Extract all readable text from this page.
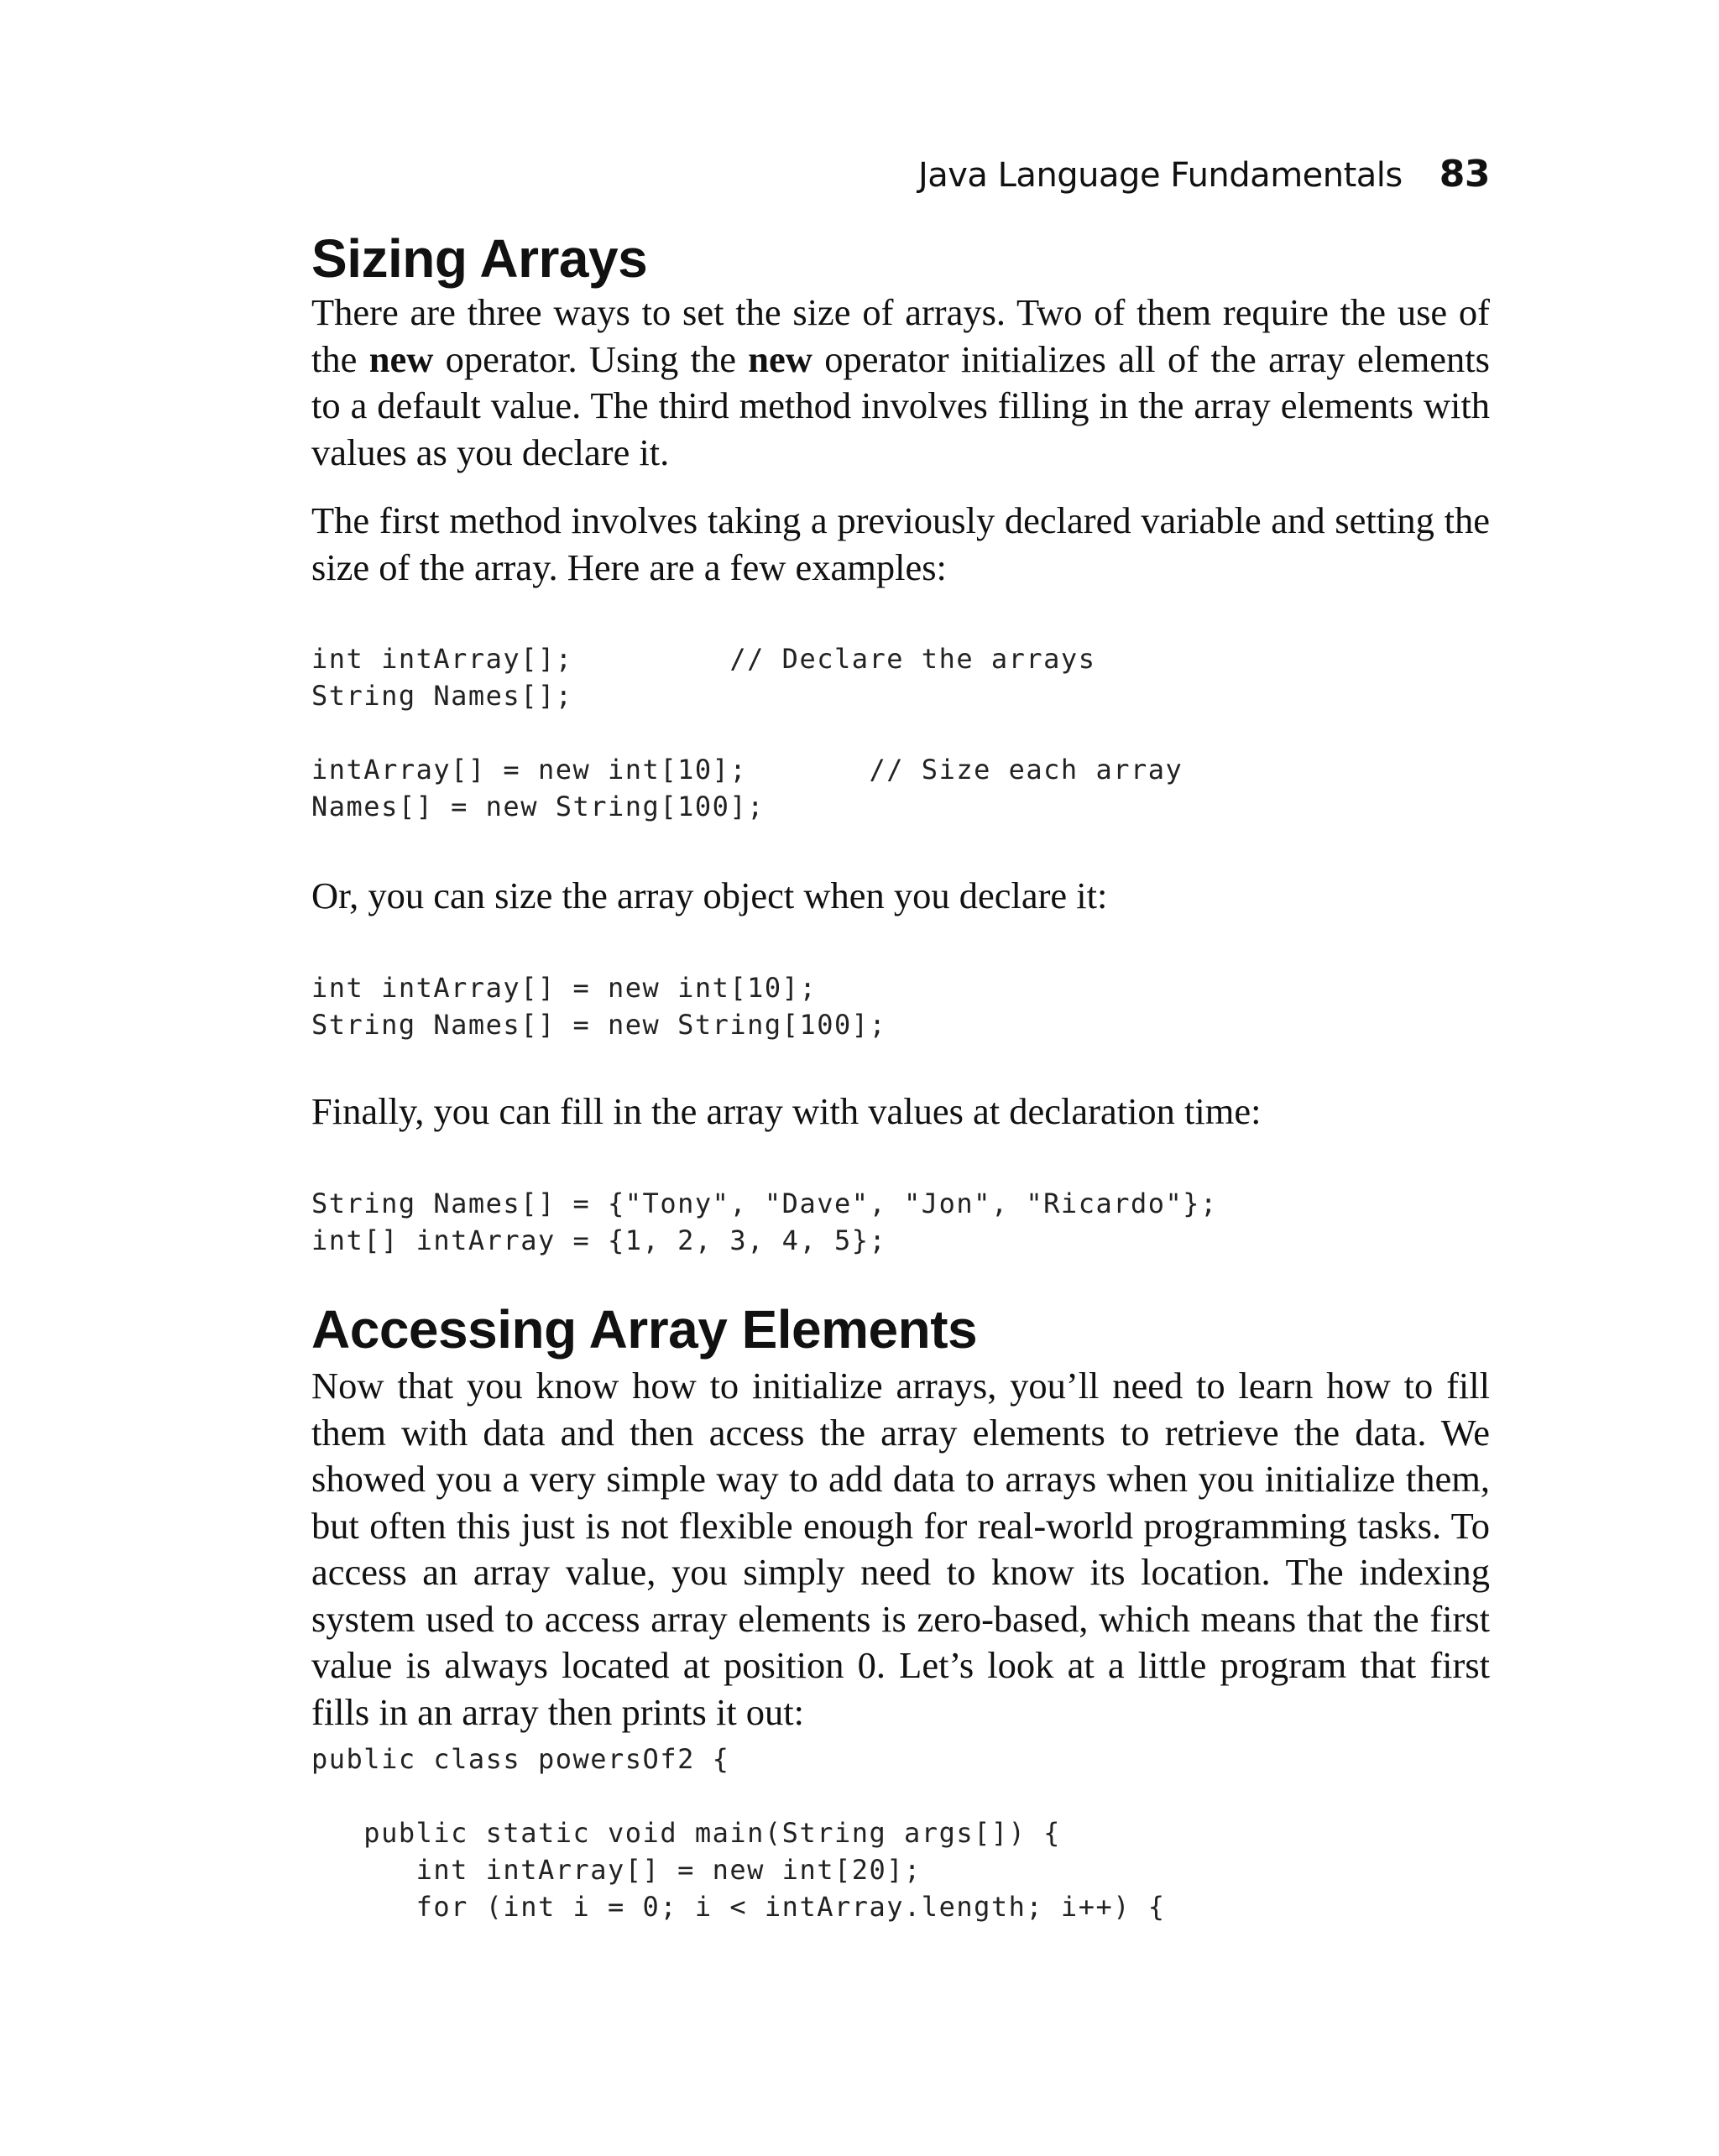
Java Language Fundamentals 83
Sizing Arrays

There are three ways to set the size of arrays. Two of them require the use of the new operator. Using the new operator initializes all of the array elements to a default value. The third method involves filling in the array elements with values as you declare it.

The first method involves taking a previously declared variable and setting the size of the array. Here are a few examples:

int intArray[];         // Declare the arrays
String Names[];

intArray[] = new int[10];       // Size each array
Names[] = new String[100];

Or, you can size the array object when you declare it:

int intArray[] = new int[10];
String Names[] = new String[100];

Finally, you can fill in the array with values at declaration time:

String Names[] = {"Tony", "Dave", "Jon", "Ricardo"};
int[] intArray = {1, 2, 3, 4, 5};
Accessing Array Elements

Now that you know how to initialize arrays, you’ll need to learn how to fill them with data and then access the array elements to retrieve the data. We showed you a very simple way to add data to arrays when you initialize them, but often this just is not flexible enough for real-world programming tasks. To access an array value, you simply need to know its location. The indexing system used to access array elements is zero-based, which means that the first value is always located at position 0. Let’s look at a little program that first fills in an array then prints it out:

public class powersOf2 {

public static void main(String args[]) {
int intArray[] = new int[20];
for (int i = 0; i < intArray.length; i++) {
